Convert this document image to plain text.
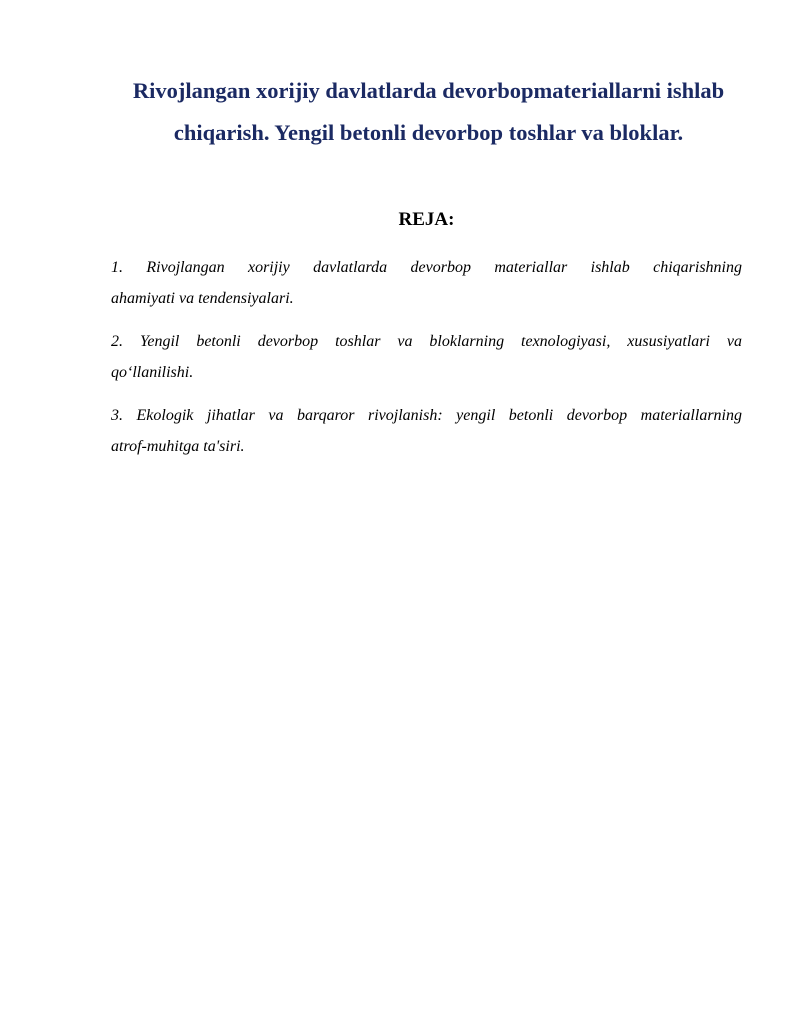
Rivojlangan xorijiy davlatlarda devorbopmateriallarni ishlab
chiqarish. Yengil betonli devorbop toshlar va bloklar.
REJA:
1. Rivojlangan xorijiy davlatlarda devorbop materiallar ishlab chiqarishning
ahamiyati va tendensiyalari.
2. Yengil betonli devorbop toshlar va bloklarning texnologiyasi, xususiyatlari va
qo‘llanilishi.
3. Ekologik jihatlar va barqaror rivojlanish: yengil betonli devorbop materiallarning
atrof-muhitga ta'siri.
